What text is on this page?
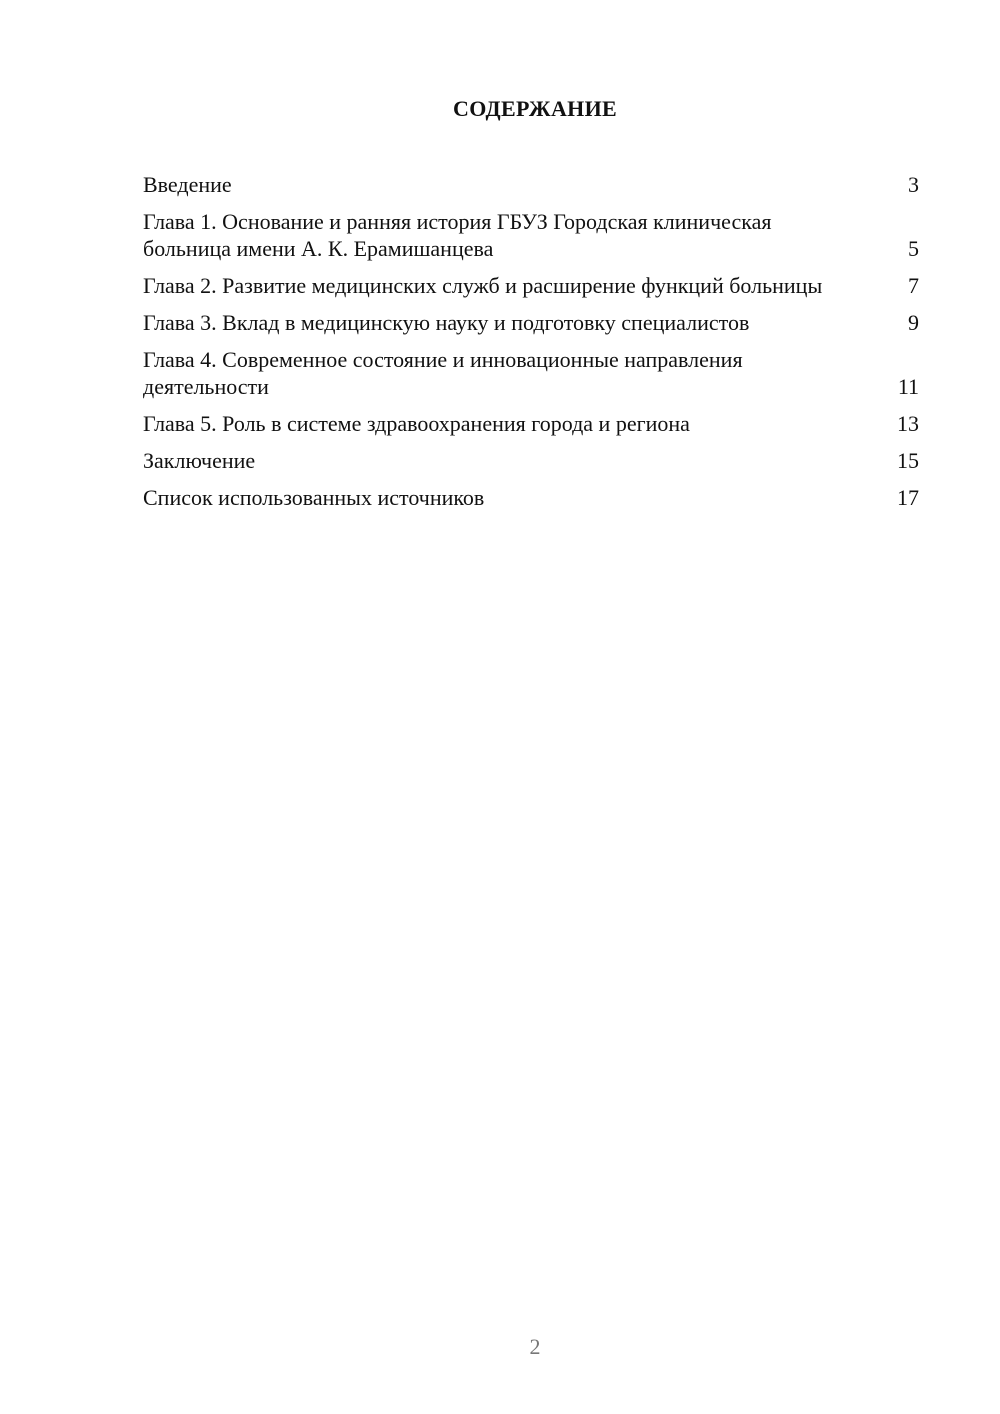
СОДЕРЖАНИЕ
Введение	3
Глава 1. Основание и ранняя история ГБУЗ Городская клиническая больница имени А. К. Ерамишанцева	5
Глава 2. Развитие медицинских служб и расширение функций больницы	7
Глава 3. Вклад в медицинскую науку и подготовку специалистов	9
Глава 4. Современное состояние и инновационные направления деятельности	11
Глава 5. Роль в системе здравоохранения города и региона	13
Заключение	15
Список использованных источников	17
2
